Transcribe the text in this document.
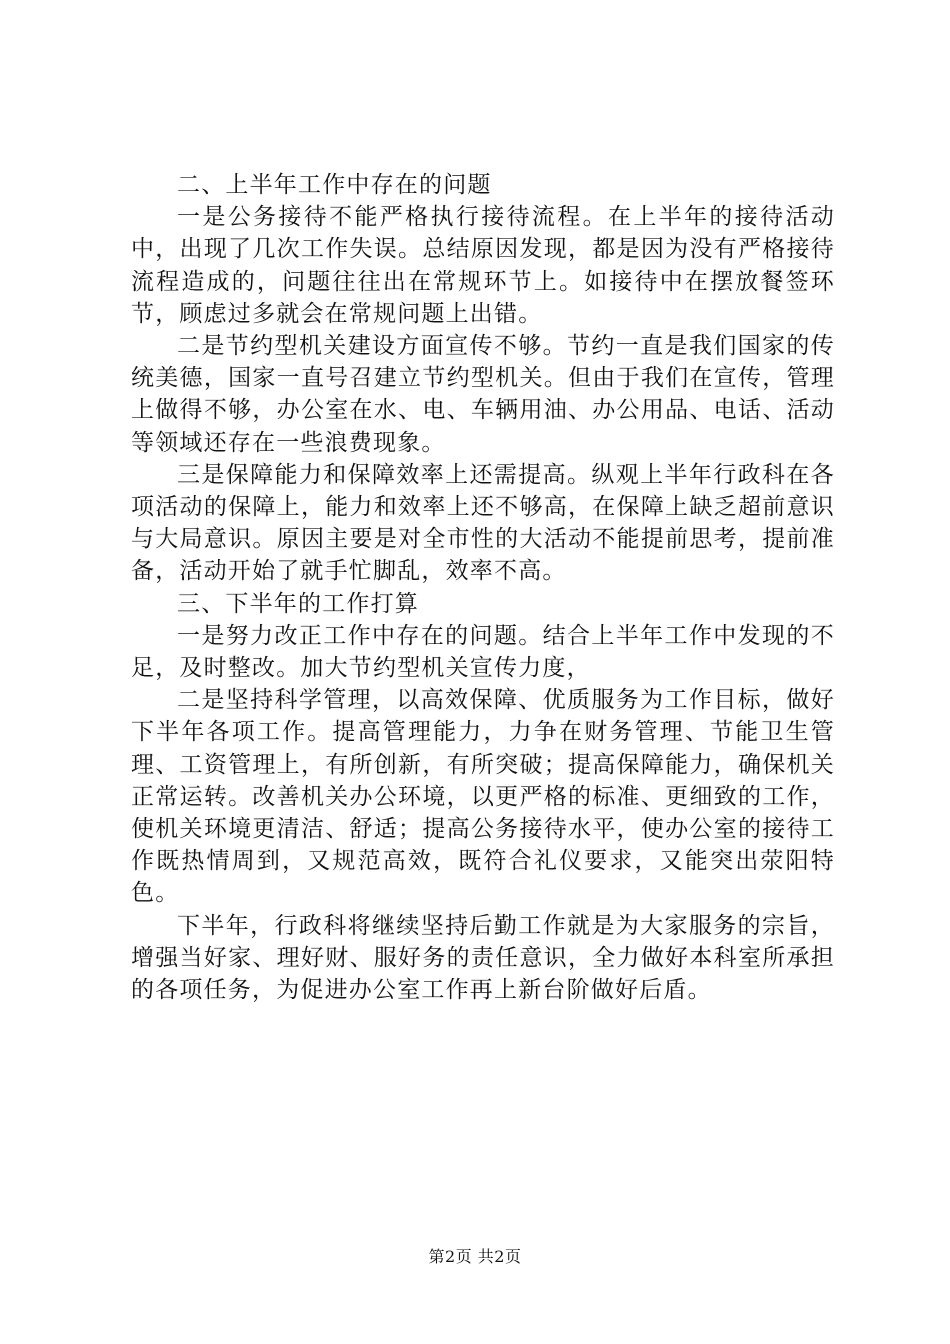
二、上半年工作中存在的问题

一是公务接待不能严格执行接待流程。在上半年的接待活动中，出现了几次工作失误。总结原因发现，都是因为没有严格接待流程造成的，问题往往出在常规环节上。如接待中在摆放餐签环节，顾虑过多就会在常规问题上出错。

二是节约型机关建设方面宣传不够。节约一直是我们国家的传统美德，国家一直号召建立节约型机关。但由于我们在宣传，管理上做得不够，办公室在水、电、车辆用油、办公用品、电话、活动等领域还存在一些浪费现象。

三是保障能力和保障效率上还需提高。纵观上半年行政科在各项活动的保障上，能力和效率上还不够高，在保障上缺乏超前意识与大局意识。原因主要是对全市性的大活动不能提前思考，提前准备，活动开始了就手忙脚乱，效率不高。

三、下半年的工作打算

一是努力改正工作中存在的问题。结合上半年工作中发现的不足，及时整改。加大节约型机关宣传力度，

二是坚持科学管理，以高效保障、优质服务为工作目标，做好下半年各项工作。提高管理能力，力争在财务管理、节能卫生管理、工资管理上，有所创新，有所突破；提高保障能力，确保机关正常运转。改善机关办公环境，以更严格的标准、更细致的工作，使机关环境更清洁、舒适；提高公务接待水平，使办公室的接待工作既热情周到，又规范高效，既符合礼仪要求，又能突出荥阳特色。

下半年，行政科将继续坚持后勤工作就是为大家服务的宗旨，增强当好家、理好财、服好务的责任意识，全力做好本科室所承担的各项任务，为促进办公室工作再上新台阶做好后盾。

第2页 共2页
